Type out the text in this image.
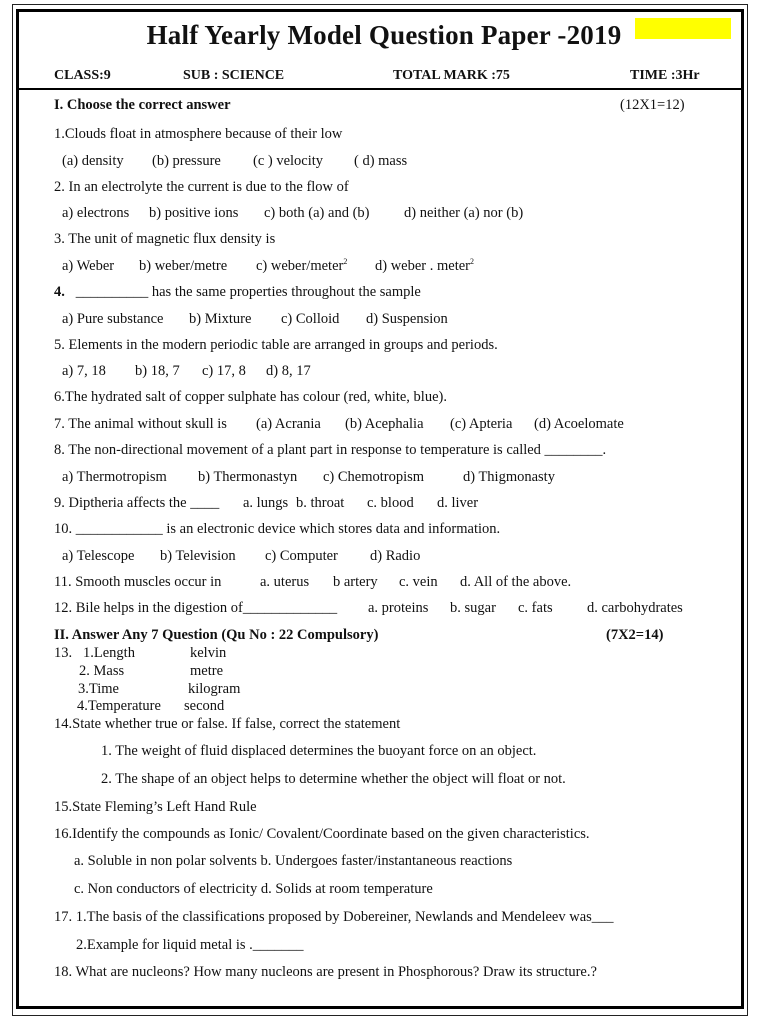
Half Yearly Model Question Paper -2019
CLASS:9	SUB : SCIENCE	TOTAL MARK :75	TIME :3Hr
I. Choose the correct answer	(12X1=12)
1.Clouds float in atmosphere because of their low
(a) density (b) pressure (c ) velocity ( d) mass
2. In an electrolyte the current is due to the flow of
a) electrons b) positive ions c) both (a) and (b) d) neither (a) nor (b)
3. The unit of magnetic flux density is
a) Weber b) weber/metre c) weber/meter$^2$ d) weber . meter$^2$
4. __________ has the same properties throughout the sample
a) Pure substance b) Mixture c) Colloid d) Suspension
5. Elements in the modern periodic table are arranged in groups and periods.
a) 7, 18 b) 18, 7 c) 17, 8 d) 8, 17
6.The hydrated salt of copper sulphate has colour (red, white, blue).
7. The animal without skull is (a) Acrania (b) Acephalia (c) Apteria (d) Acoelomate
8. The non-directional movement of a plant part in response to temperature is called ________.
a) Thermotropism b) Thermonastyn c) Chemotropism	d) Thigmonasty
9. Diptheria affects the ____ a. lungs b. throat c. blood d. liver
10. ____________ is an electronic device which stores data and information.
a) Telescope b) Television c) Computer d) Radio
11. Smooth muscles occur in	a. uterus b artery c. vein d. All of the above.
12. Bile helps in the digestion of_____________ a. proteins b. sugar c. fats d. carbohydrates
II. Answer Any 7 Question (Qu No : 22 Compulsory)	(7X2=14)
13. 1.Length	kelvin
2. Mass	metre
3.Time	kilogram
4.Temperature second
14.State whether true or false. If false, correct the statement
1. The weight of fluid displaced determines the buoyant force on an object.
2. The shape of an object helps to determine whether the object will float or not.
15.State Fleming’s Left Hand Rule
16.Identify the compounds as Ionic/ Covalent/Coordinate based on the given characteristics.
a. Soluble in non polar solvents b. Undergoes faster/instantaneous reactions
c. Non conductors of electricity d. Solids at room temperature
17. 1.The basis of the classifications proposed by Dobereiner, Newlands and Mendeleev was___
2.Example for liquid metal is ._______
18. What are nucleons? How many nucleons are present in Phosphorous? Draw its structure.?
